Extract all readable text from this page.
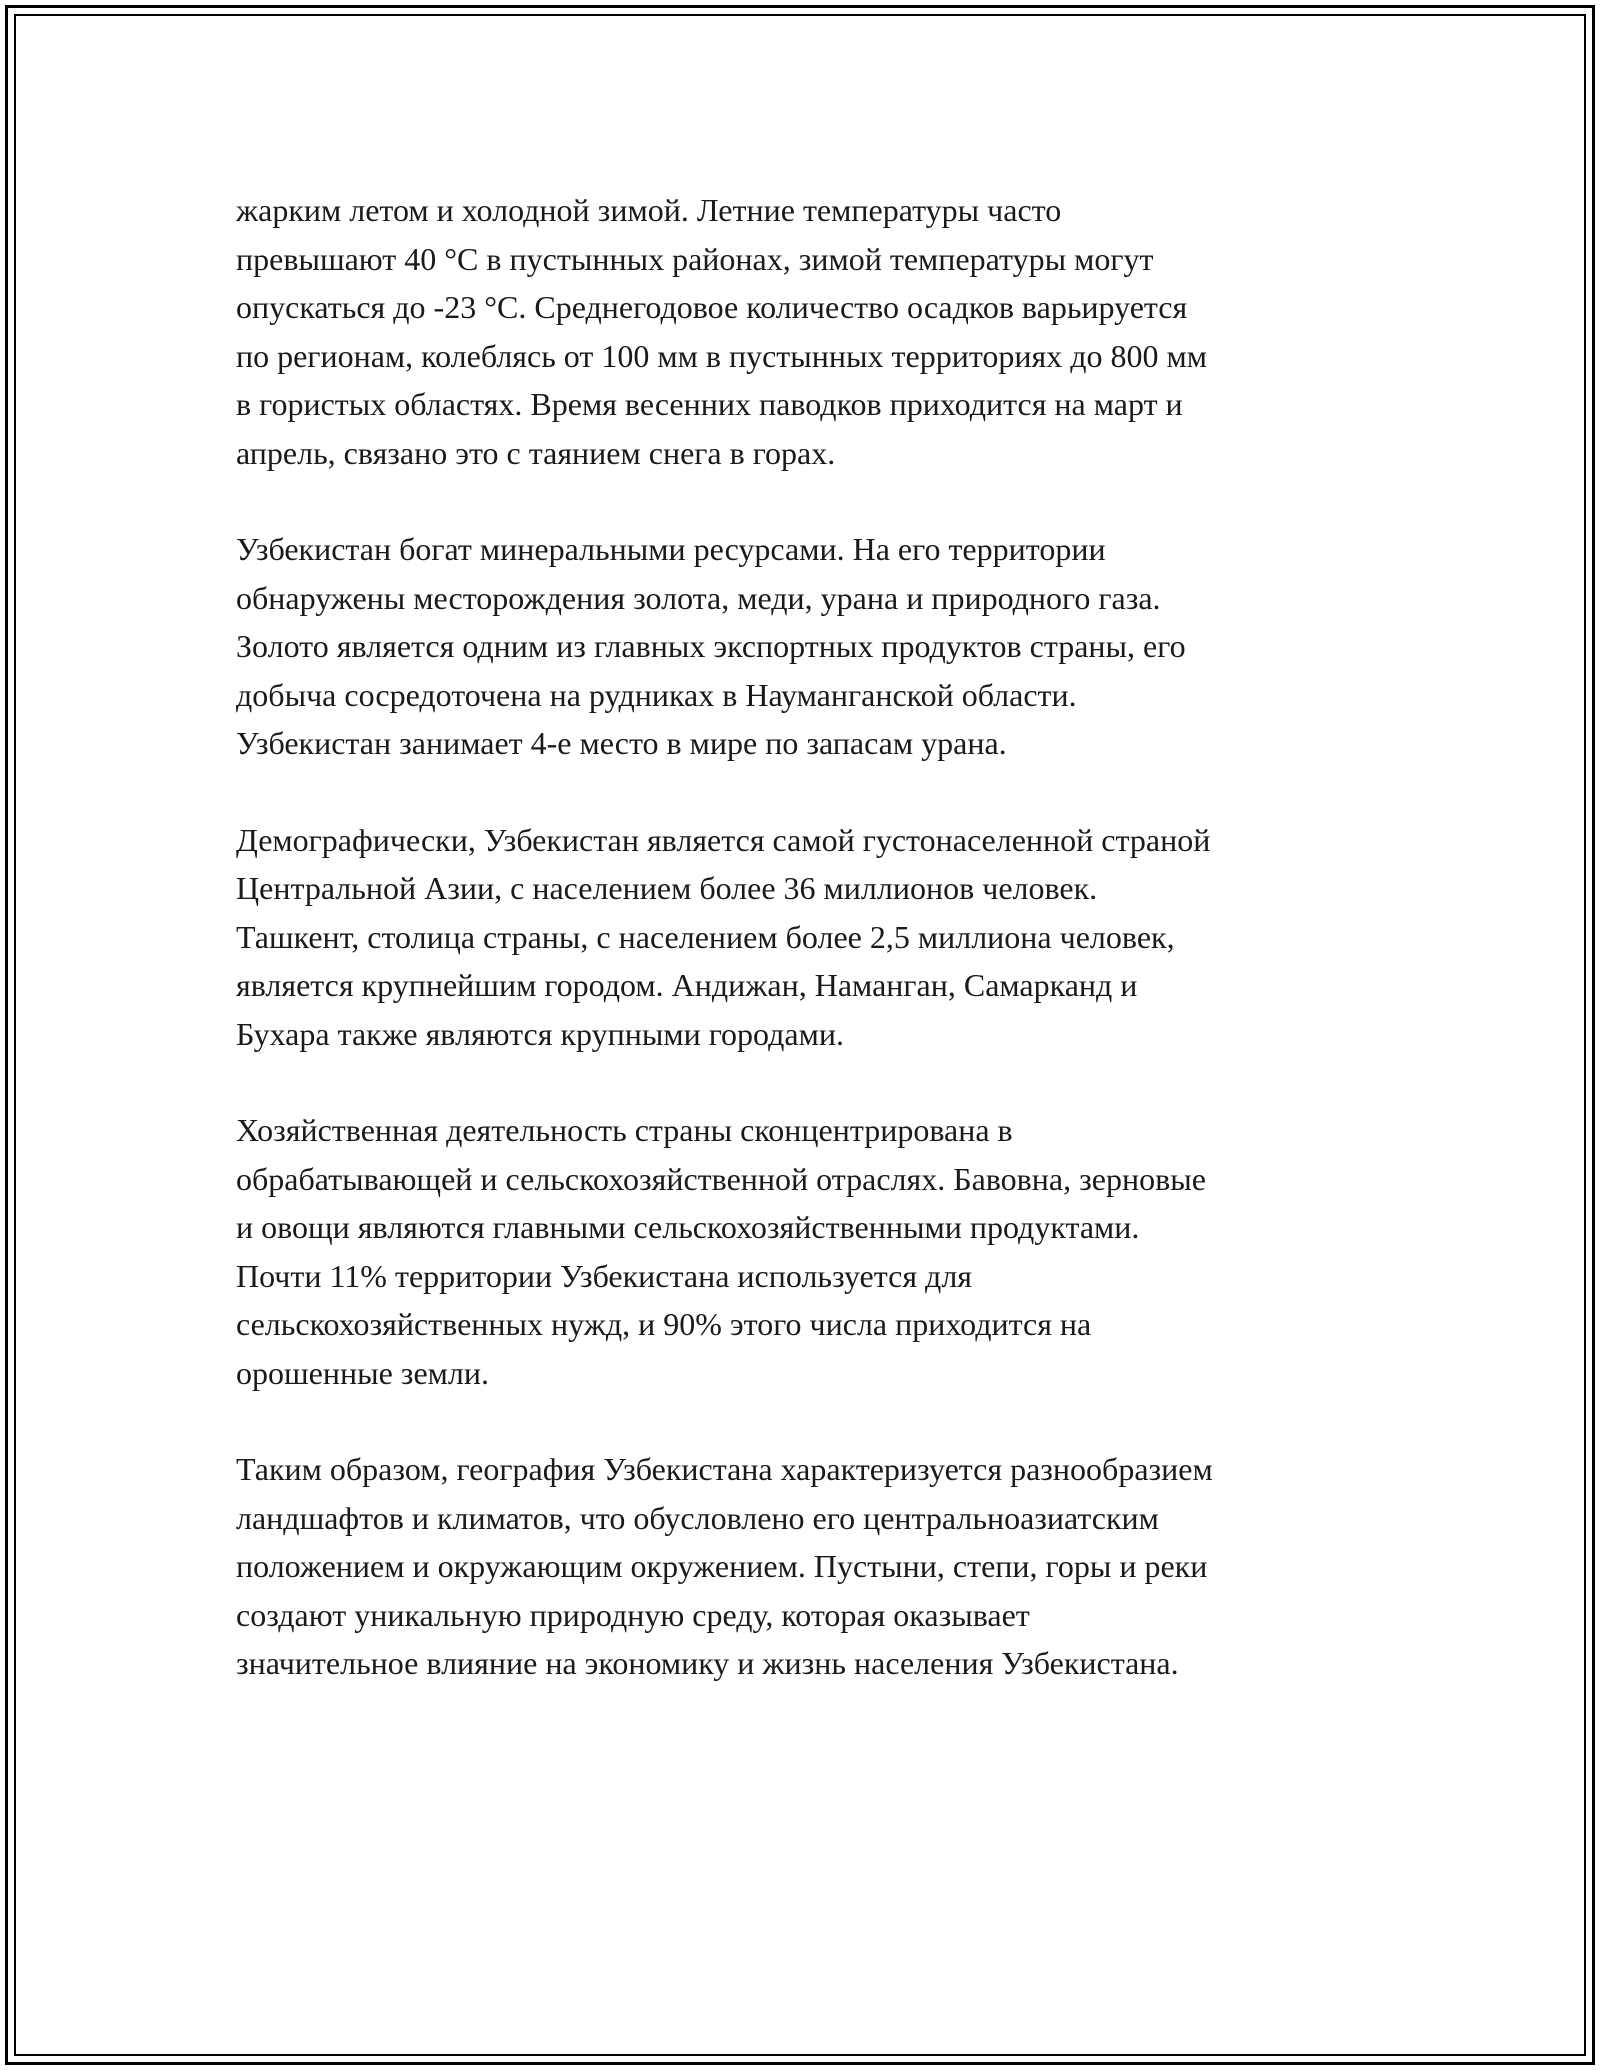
жарким летом и холодной зимой. Летние температуры часто
превышают 40 °C в пустынных районах, зимой температуры могут
опускаться до -23 °C. Среднегодовое количество осадков варьируется
по регионам, колеблясь от 100 мм в пустынных территориях до 800 мм
в гористых областях. Время весенних паводков приходится на март и
апрель, связано это с таянием снега в горах.

Узбекистан богат минеральными ресурсами. На его территории
обнаружены месторождения золота, меди, урана и природного газа.
Золото является одним из главных экспортных продуктов страны, его
добыча сосредоточена на рудниках в Науманганской области.
Узбекистан занимает 4-е место в мире по запасам урана.

Демографически, Узбекистан является самой густонаселенной страной
Центральной Азии, с населением более 36 миллионов человек.
Ташкент, столица страны, с населением более 2,5 миллиона человек,
является крупнейшим городом. Андижан, Наманган, Самарканд и
Бухара также являются крупными городами.

Хозяйственная деятельность страны сконцентрирована в
обрабатывающей и сельскохозяйственной отраслях. Бавовна, зерновые
и овощи являются главными сельскохозяйственными продуктами.
Почти 11% территории Узбекистана используется для
сельскохозяйственных нужд, и 90% этого числа приходится на
орошенные земли.

Таким образом, география Узбекистана характеризуется разнообразием
ландшафтов и климатов, что обусловлено его центральноазиатским
положением и окружающим окружением. Пустыни, степи, горы и реки
создают уникальную природную среду, которая оказывает
значительное влияние на экономику и жизнь населения Узбекистана.
